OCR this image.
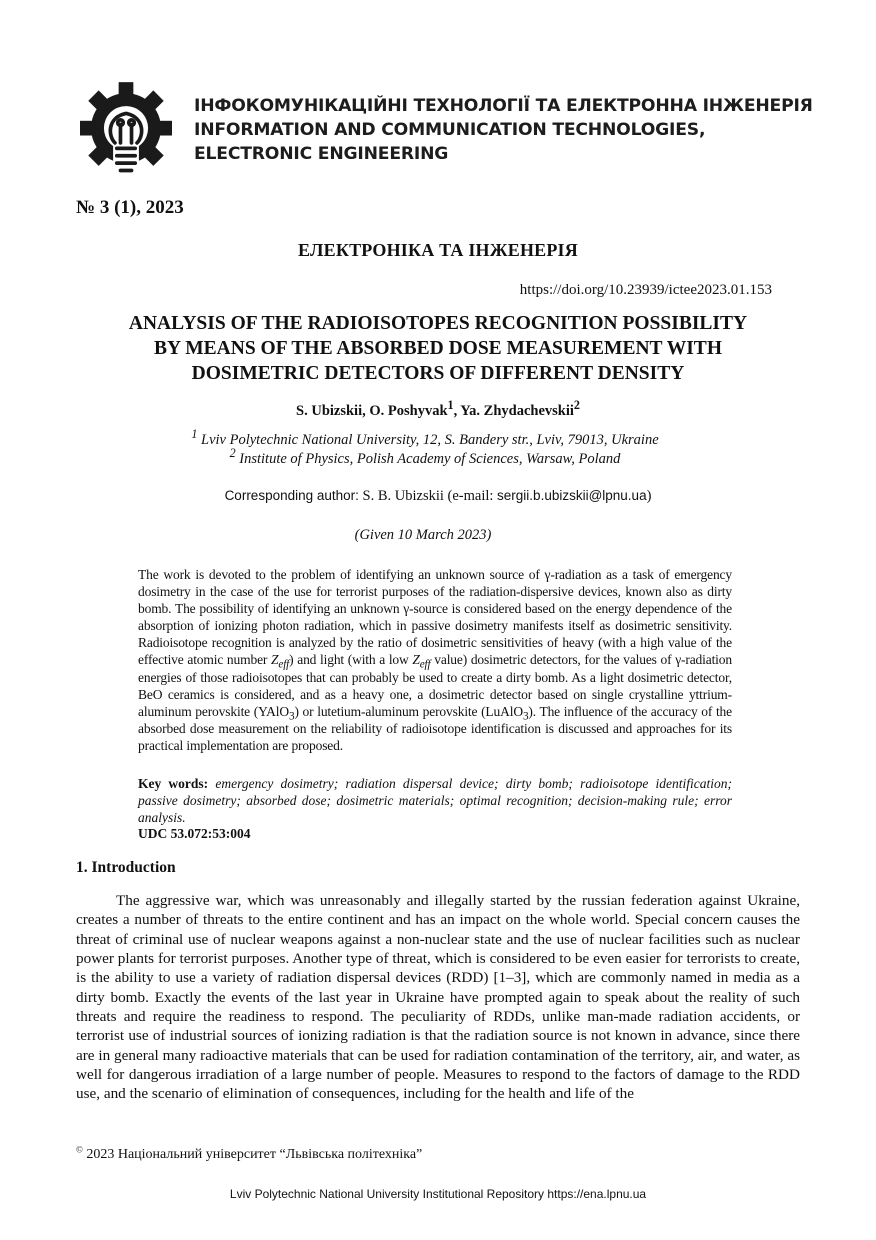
ІНФОКОМУНІКАЦІЙНІ ТЕХНОЛОГІЇ ТА ЕЛЕКТРОННА ІНЖЕНЕРІЯ
INFORMATION AND COMMUNICATION TECHNOLOGIES,
ELECTRONIC ENGINEERING
№ 3 (1), 2023
ЕЛЕКТРОНІКА ТА ІНЖЕНЕРІЯ
https://doi.org/10.23939/ictee2023.01.153
ANALYSIS OF THE RADIOISOTOPES RECOGNITION POSSIBILITY
BY MEANS OF THE ABSORBED DOSE MEASUREMENT WITH
DOSIMETRIC DETECTORS OF DIFFERENT DENSITY
S. Ubizskii, O. Poshyvak$^1$, Ya. Zhydachevskii$^2$
$^1$ Lviv Polytechnic National University, 12, S. Bandery str., Lviv, 79013, Ukraine
$^2$ Institute of Physics, Polish Academy of Sciences, Warsaw, Poland
Corresponding author: S. B. Ubizskii (e-mail: sergii.b.ubizskii@lpnu.ua)
(Given 10 March 2023)
The work is devoted to the problem of identifying an unknown source of γ-radiation as a task of emergency dosimetry in the case of the use for terrorist purposes of the radiation-dispersive devices, known also as dirty bomb. The possibility of identifying an unknown γ-source is considered based on the energy dependence of the absorption of ionizing photon radiation, which in passive dosimetry manifests itself as dosimetric sensitivity. Radioisotope recognition is analyzed by the ratio of dosimetric sensitivities of heavy (with a high value of the effective atomic number $Z_{eff}$) and light (with a low $Z_{eff}$ value) dosimetric detectors, for the values of γ-radiation energies of those radioisotopes that can probably be used to create a dirty bomb. As a light dosimetric detector, BeO ceramics is considered, and as a heavy one, a dosimetric detector based on single crystalline yttrium-aluminum perovskite (YAlO$_3$) or lutetium-aluminum perovskite (LuAlO$_3$). The influence of the accuracy of the absorbed dose measurement on the reliability of radioisotope identification is discussed and approaches for its practical implementation are proposed.
Key words: emergency dosimetry; radiation dispersal device; dirty bomb; radioisotope identification; passive dosimetry; absorbed dose; dosimetric materials; optimal recognition; decision-making rule; error analysis.
UDC 53.072:53:004
1. Introduction
The aggressive war, which was unreasonably and illegally started by the russian federation against Ukraine, creates a number of threats to the entire continent and has an impact on the whole world. Special concern causes the threat of criminal use of nuclear weapons against a non-nuclear state and the use of nuclear facilities such as nuclear power plants for terrorist purposes. Another type of threat, which is considered to be even easier for terrorists to create, is the ability to use a variety of radiation dispersal devices (RDD) [1–3], which are commonly named in media as a dirty bomb. Exactly the events of the last year in Ukraine have prompted again to speak about the reality of such threats and require the readiness to respond. The peculiarity of RDDs, unlike man-made radiation accidents, or terrorist use of industrial sources of ionizing radiation is that the radiation source is not known in advance, since there are in general many radioactive materials that can be used for radiation contamination of the territory, air, and water, as well for dangerous irradiation of a large number of people. Measures to respond to the factors of damage to the RDD use, and the scenario of elimination of consequences, including for the health and life of the
© 2023 Національний університет “Львівська політехніка”
Lviv Polytechnic National University Institutional Repository https://ena.lpnu.ua
